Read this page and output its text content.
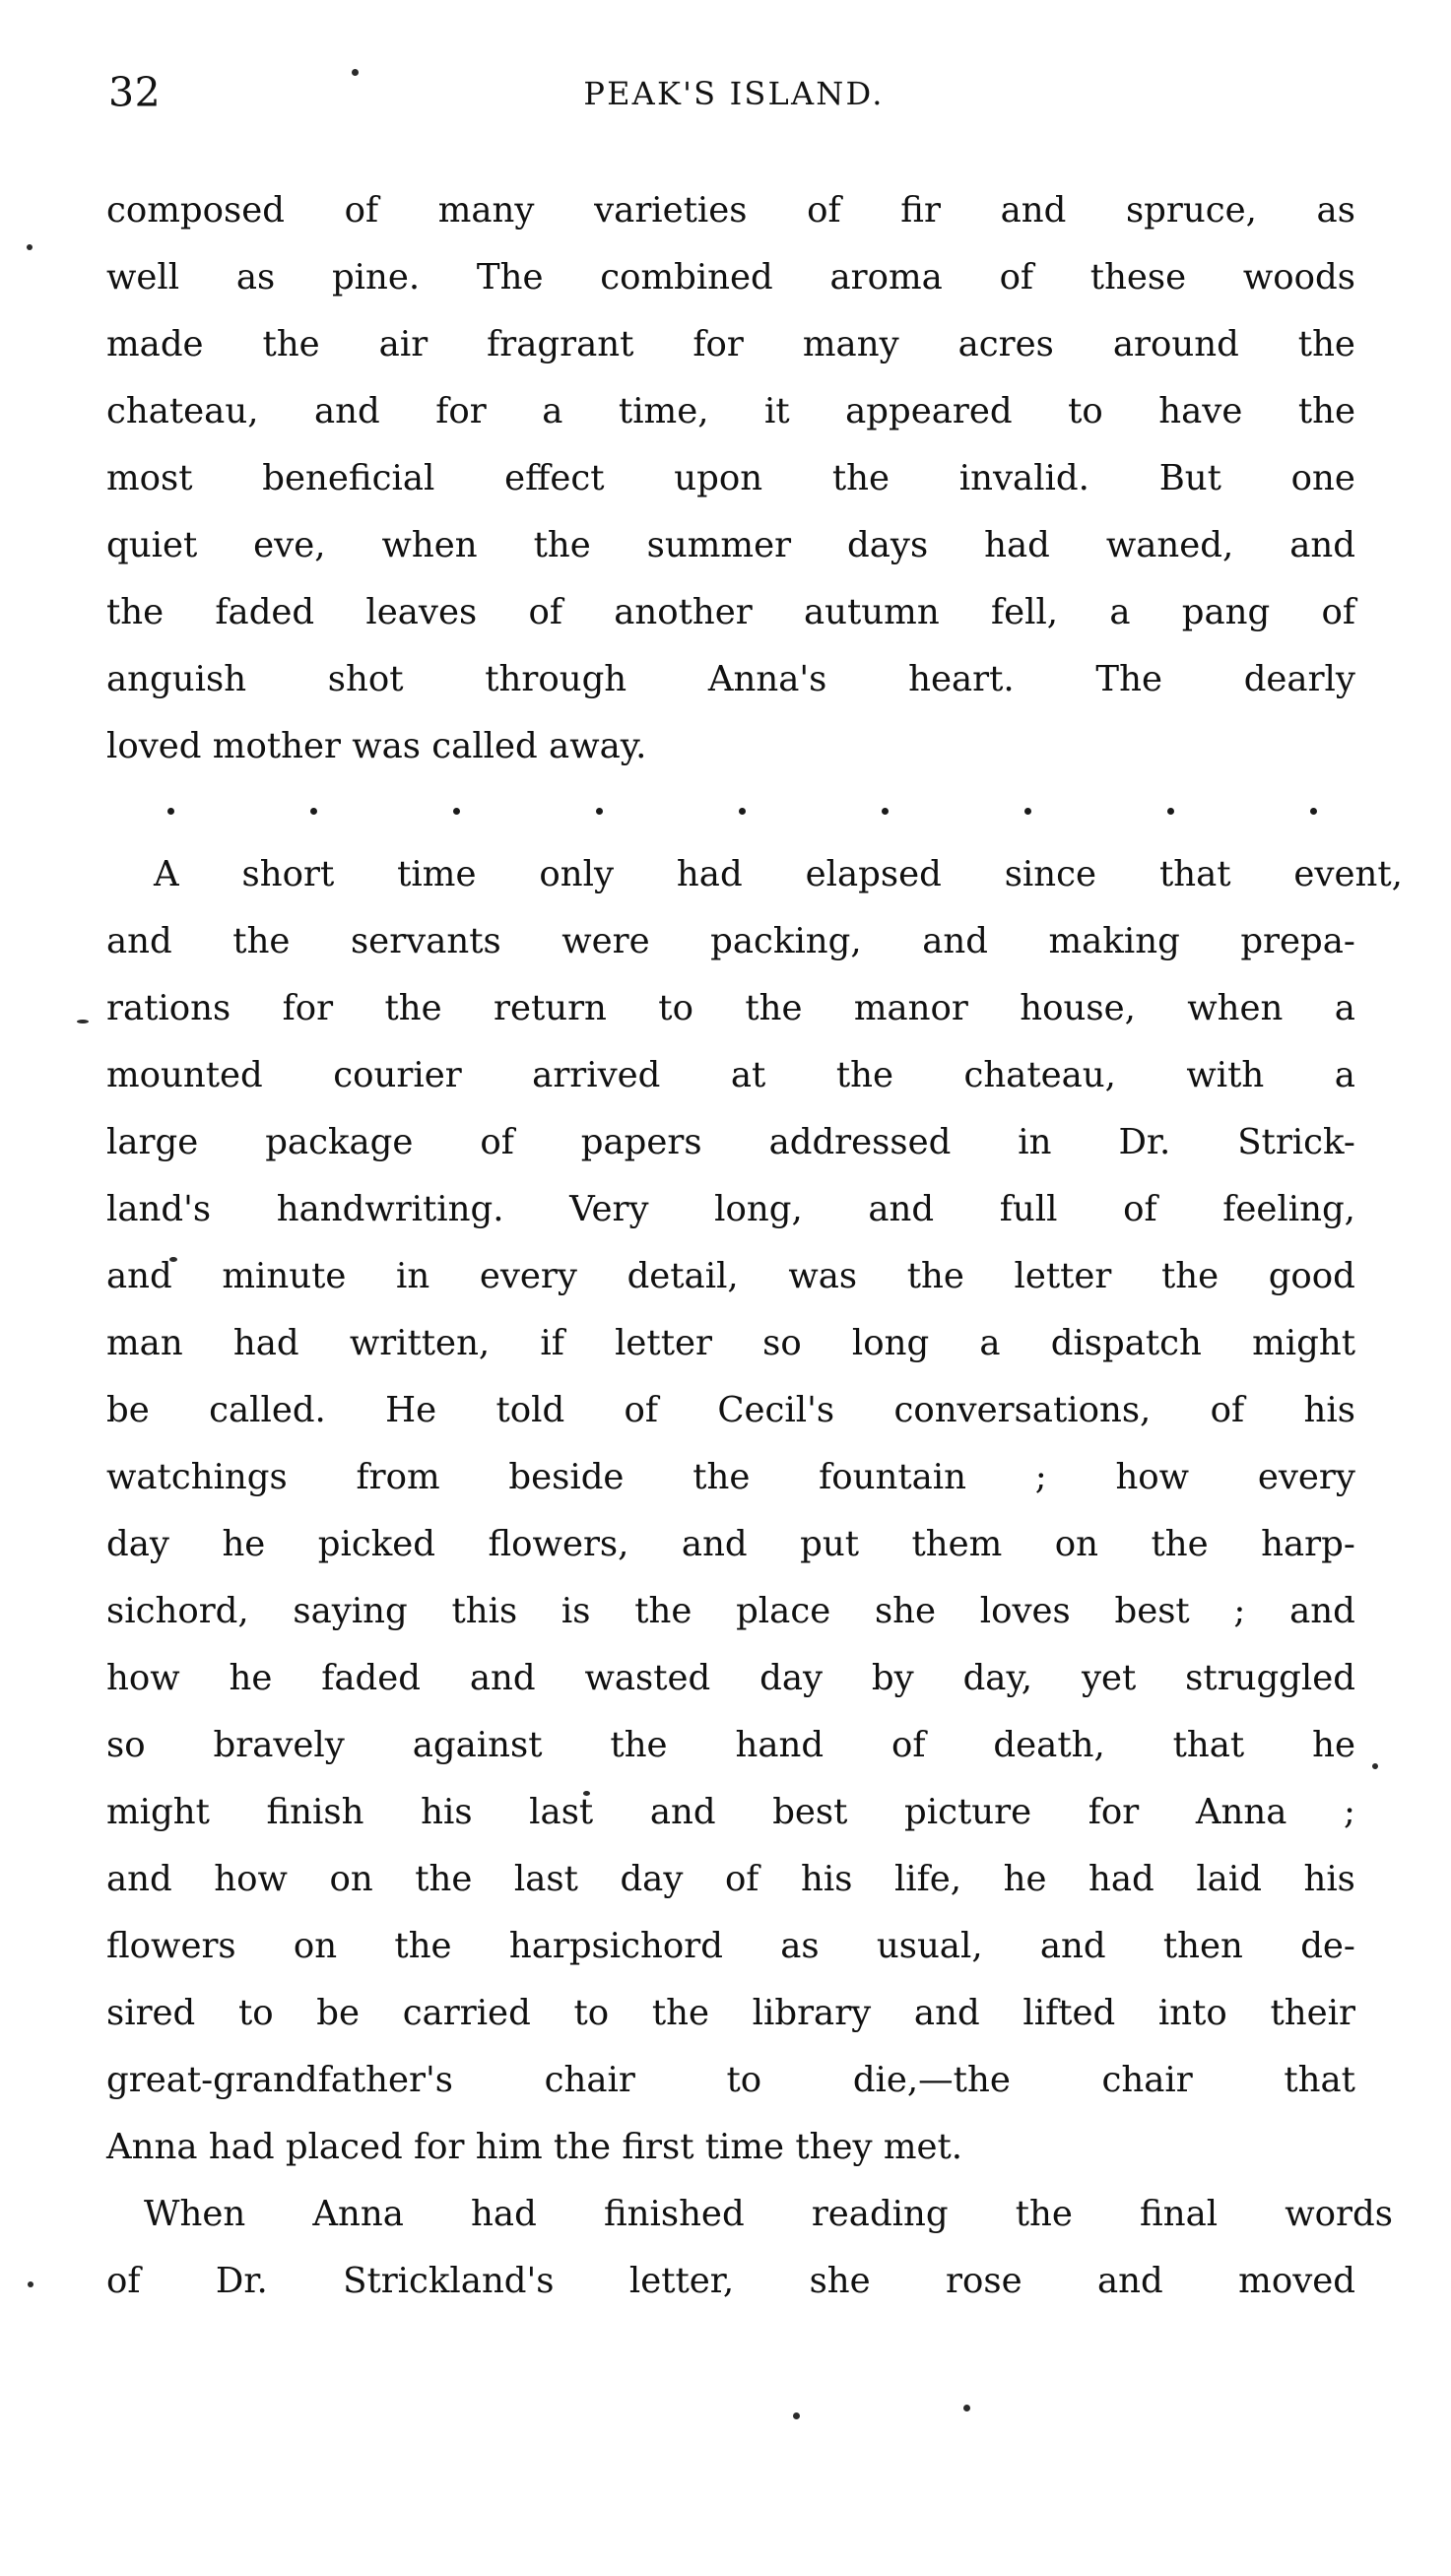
32	PEAK'S ISLAND.
composed of many varieties of fir and spruce, as
well as pine. The combined aroma of these woods
made the air fragrant for many acres around the
chateau, and for a time, it appeared to have the
most beneficial effect upon the invalid. But one
quiet eve, when the summer days had waned, and
the faded leaves of another autumn fell, a pang of
anguish shot through Anna's heart. The dearly
loved mother was called away.
A short time only had elapsed since that event,
and the servants were packing, and making prepa-
rations for the return to the manor house, when a
mounted courier arrived at the chateau, with a
large package of papers addressed in Dr. Strick-
land's handwriting. Very long, and full of feeling,
and minute in every detail, was the letter the good
man had written, if letter so long a dispatch might
be called. He told of Cecil's conversations, of his
watchings from beside the fountain ; how every
day he picked flowers, and put them on the harp-
sichord, saying this is the place she loves best ; and
how he faded and wasted day by day, yet struggled
so bravely against the hand of death, that he
might finish his last and best picture for Anna ;
and how on the last day of his life, he had laid his
flowers on the harpsichord as usual, and then de-
sired to be carried to the library and lifted into their
great-grandfather's	chair	to	die,—the	chair	that
Anna had placed for him the first time they met.
When Anna had finished reading the final words
of Dr. Strickland's letter, she rose and moved
